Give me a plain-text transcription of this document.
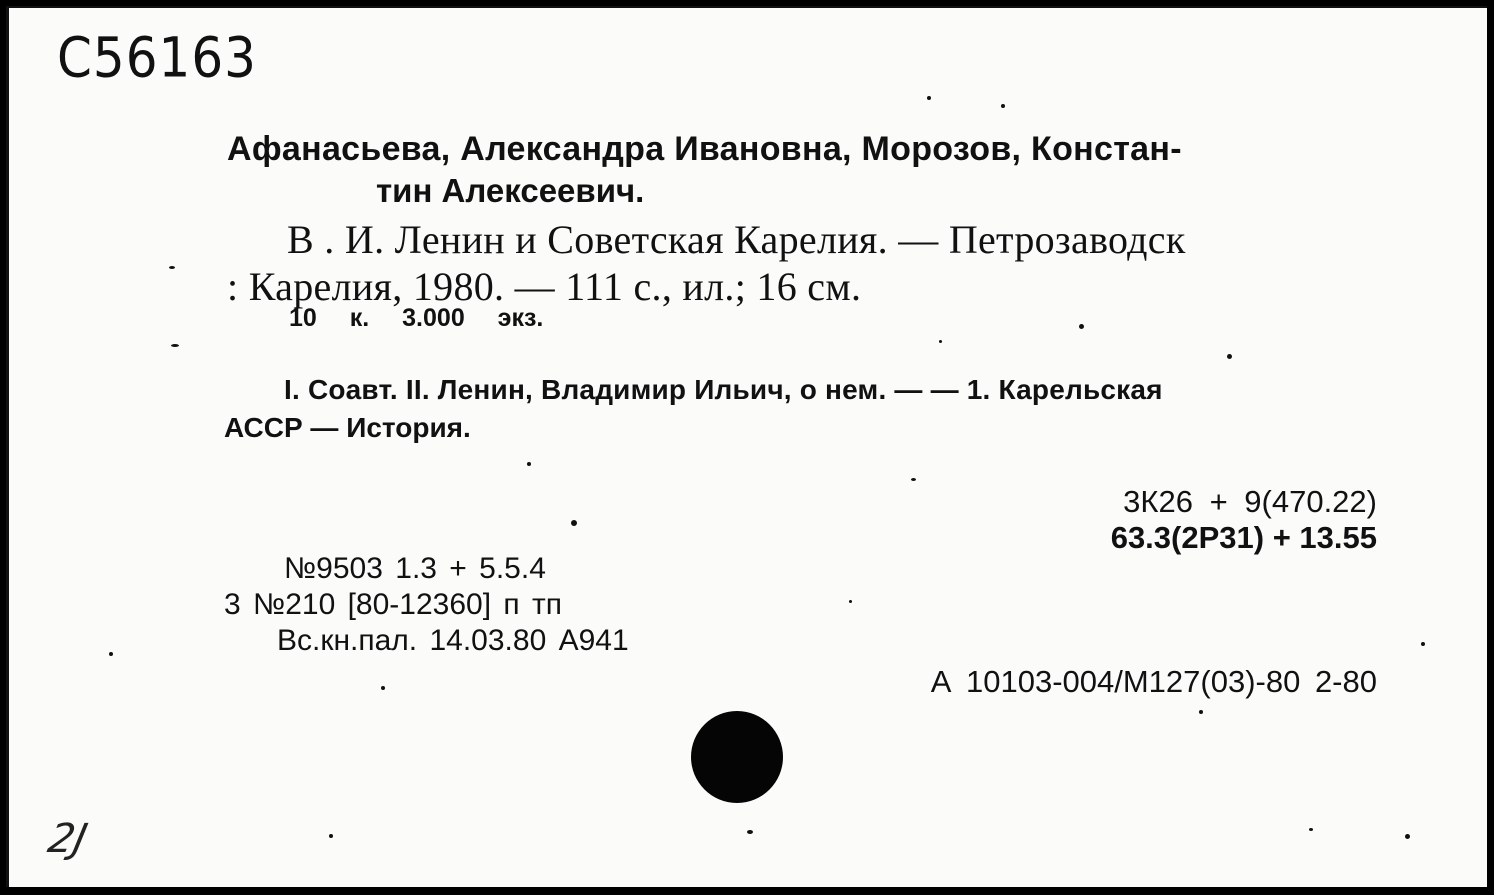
С56163
Афанасьева, Александра Ивановна, Морозов, Констан-
тин Алексеевич.
В . И. Ленин и Советская Карелия. — Петрозаводск
: Карелия, 1980. — 111 с., ил.; 16 см.
10 к. 3.000 экз.
I. Соавт. II. Ленин, Владимир Ильич, о нем. — — 1. Карельская
АССР — История.
3К26 + 9(470.22)
63.3(2Р31) + 13.55
№9503 1.3 + 5.5.4
3 №210 [80-12360] п тп
Вс.кн.пал. 14.03.80 А941
А 10103-004/М127(03)-80 2-80
2J
